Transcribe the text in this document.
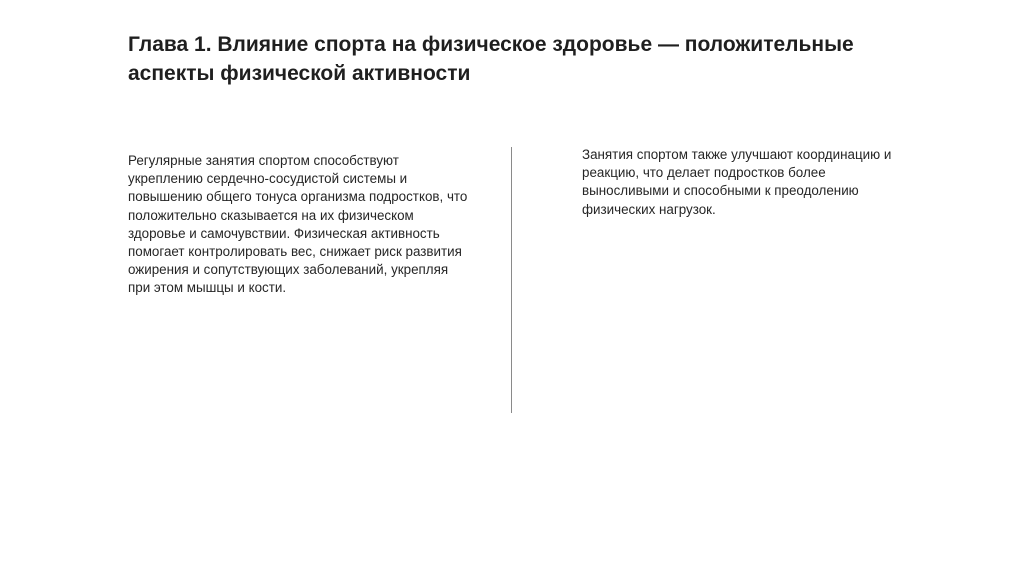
Глава 1. Влияние спорта на физическое здоровье — положительные аспекты физической активности

Регулярные занятия спортом способствуют укреплению сердечно-сосудистой системы и повышению общего тонуса организма подростков, что положительно сказывается на их физическом здоровье и самочувствии. Физическая активность помогает контролировать вес, снижает риск развития ожирения и сопутствующих заболеваний, укрепляя при этом мышцы и кости.

Занятия спортом также улучшают координацию и реакцию, что делает подростков более выносливыми и способными к преодолению физических нагрузок.
